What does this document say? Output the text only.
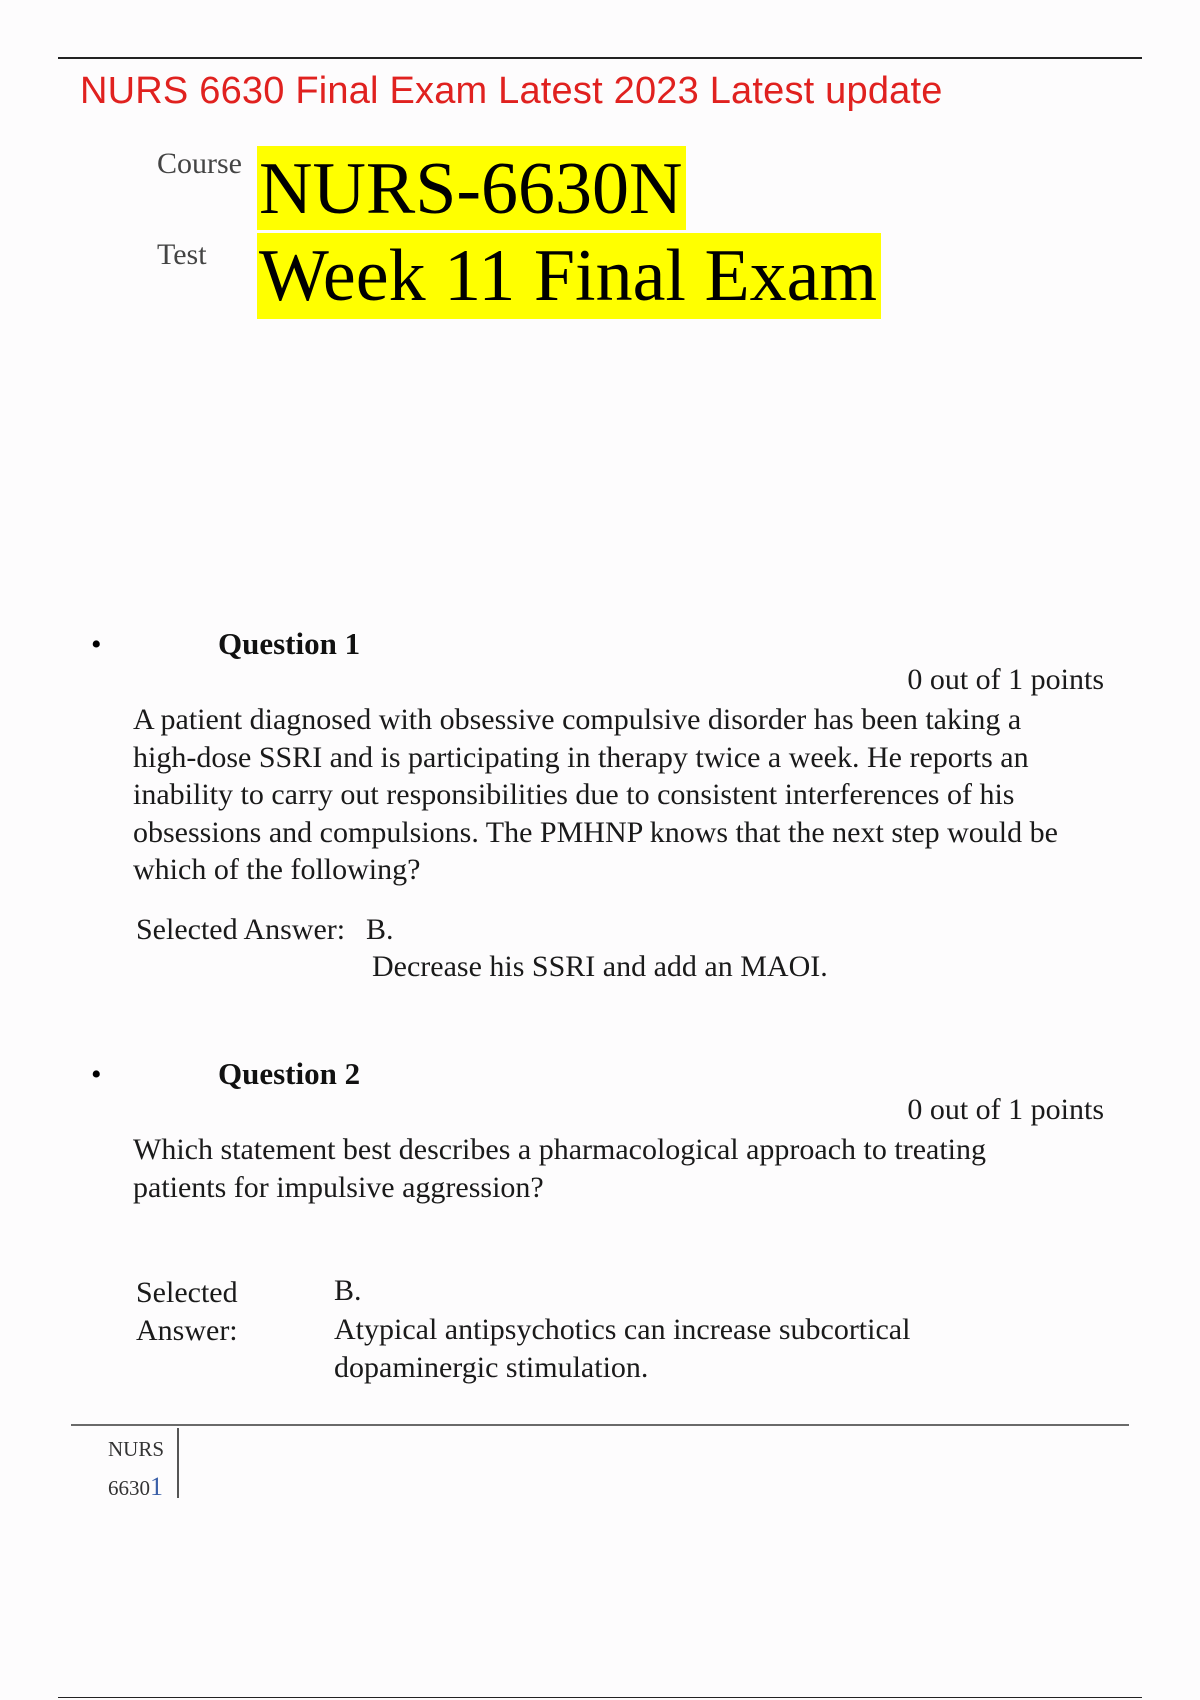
NURS 6630 Final Exam Latest 2023 Latest update
Course NURS-6630N
Test Week 11 Final Exam
•	Question 1
0 out of 1 points
A patient diagnosed with obsessive compulsive disorder has been taking a high-dose SSRI and is participating in therapy twice a week. He reports an inability to carry out responsibilities due to consistent interferences of his obsessions and compulsions. The PMHNP knows that the next step would be which of the following?
Selected Answer: B.
Decrease his SSRI and add an MAOI.
•	Question 2
0 out of 1 points
Which statement best describes a pharmacological approach to treating patients for impulsive aggression?
Selected Answer:
B.
Atypical antipsychotics can increase subcortical dopaminergic stimulation.
NURS 66301
